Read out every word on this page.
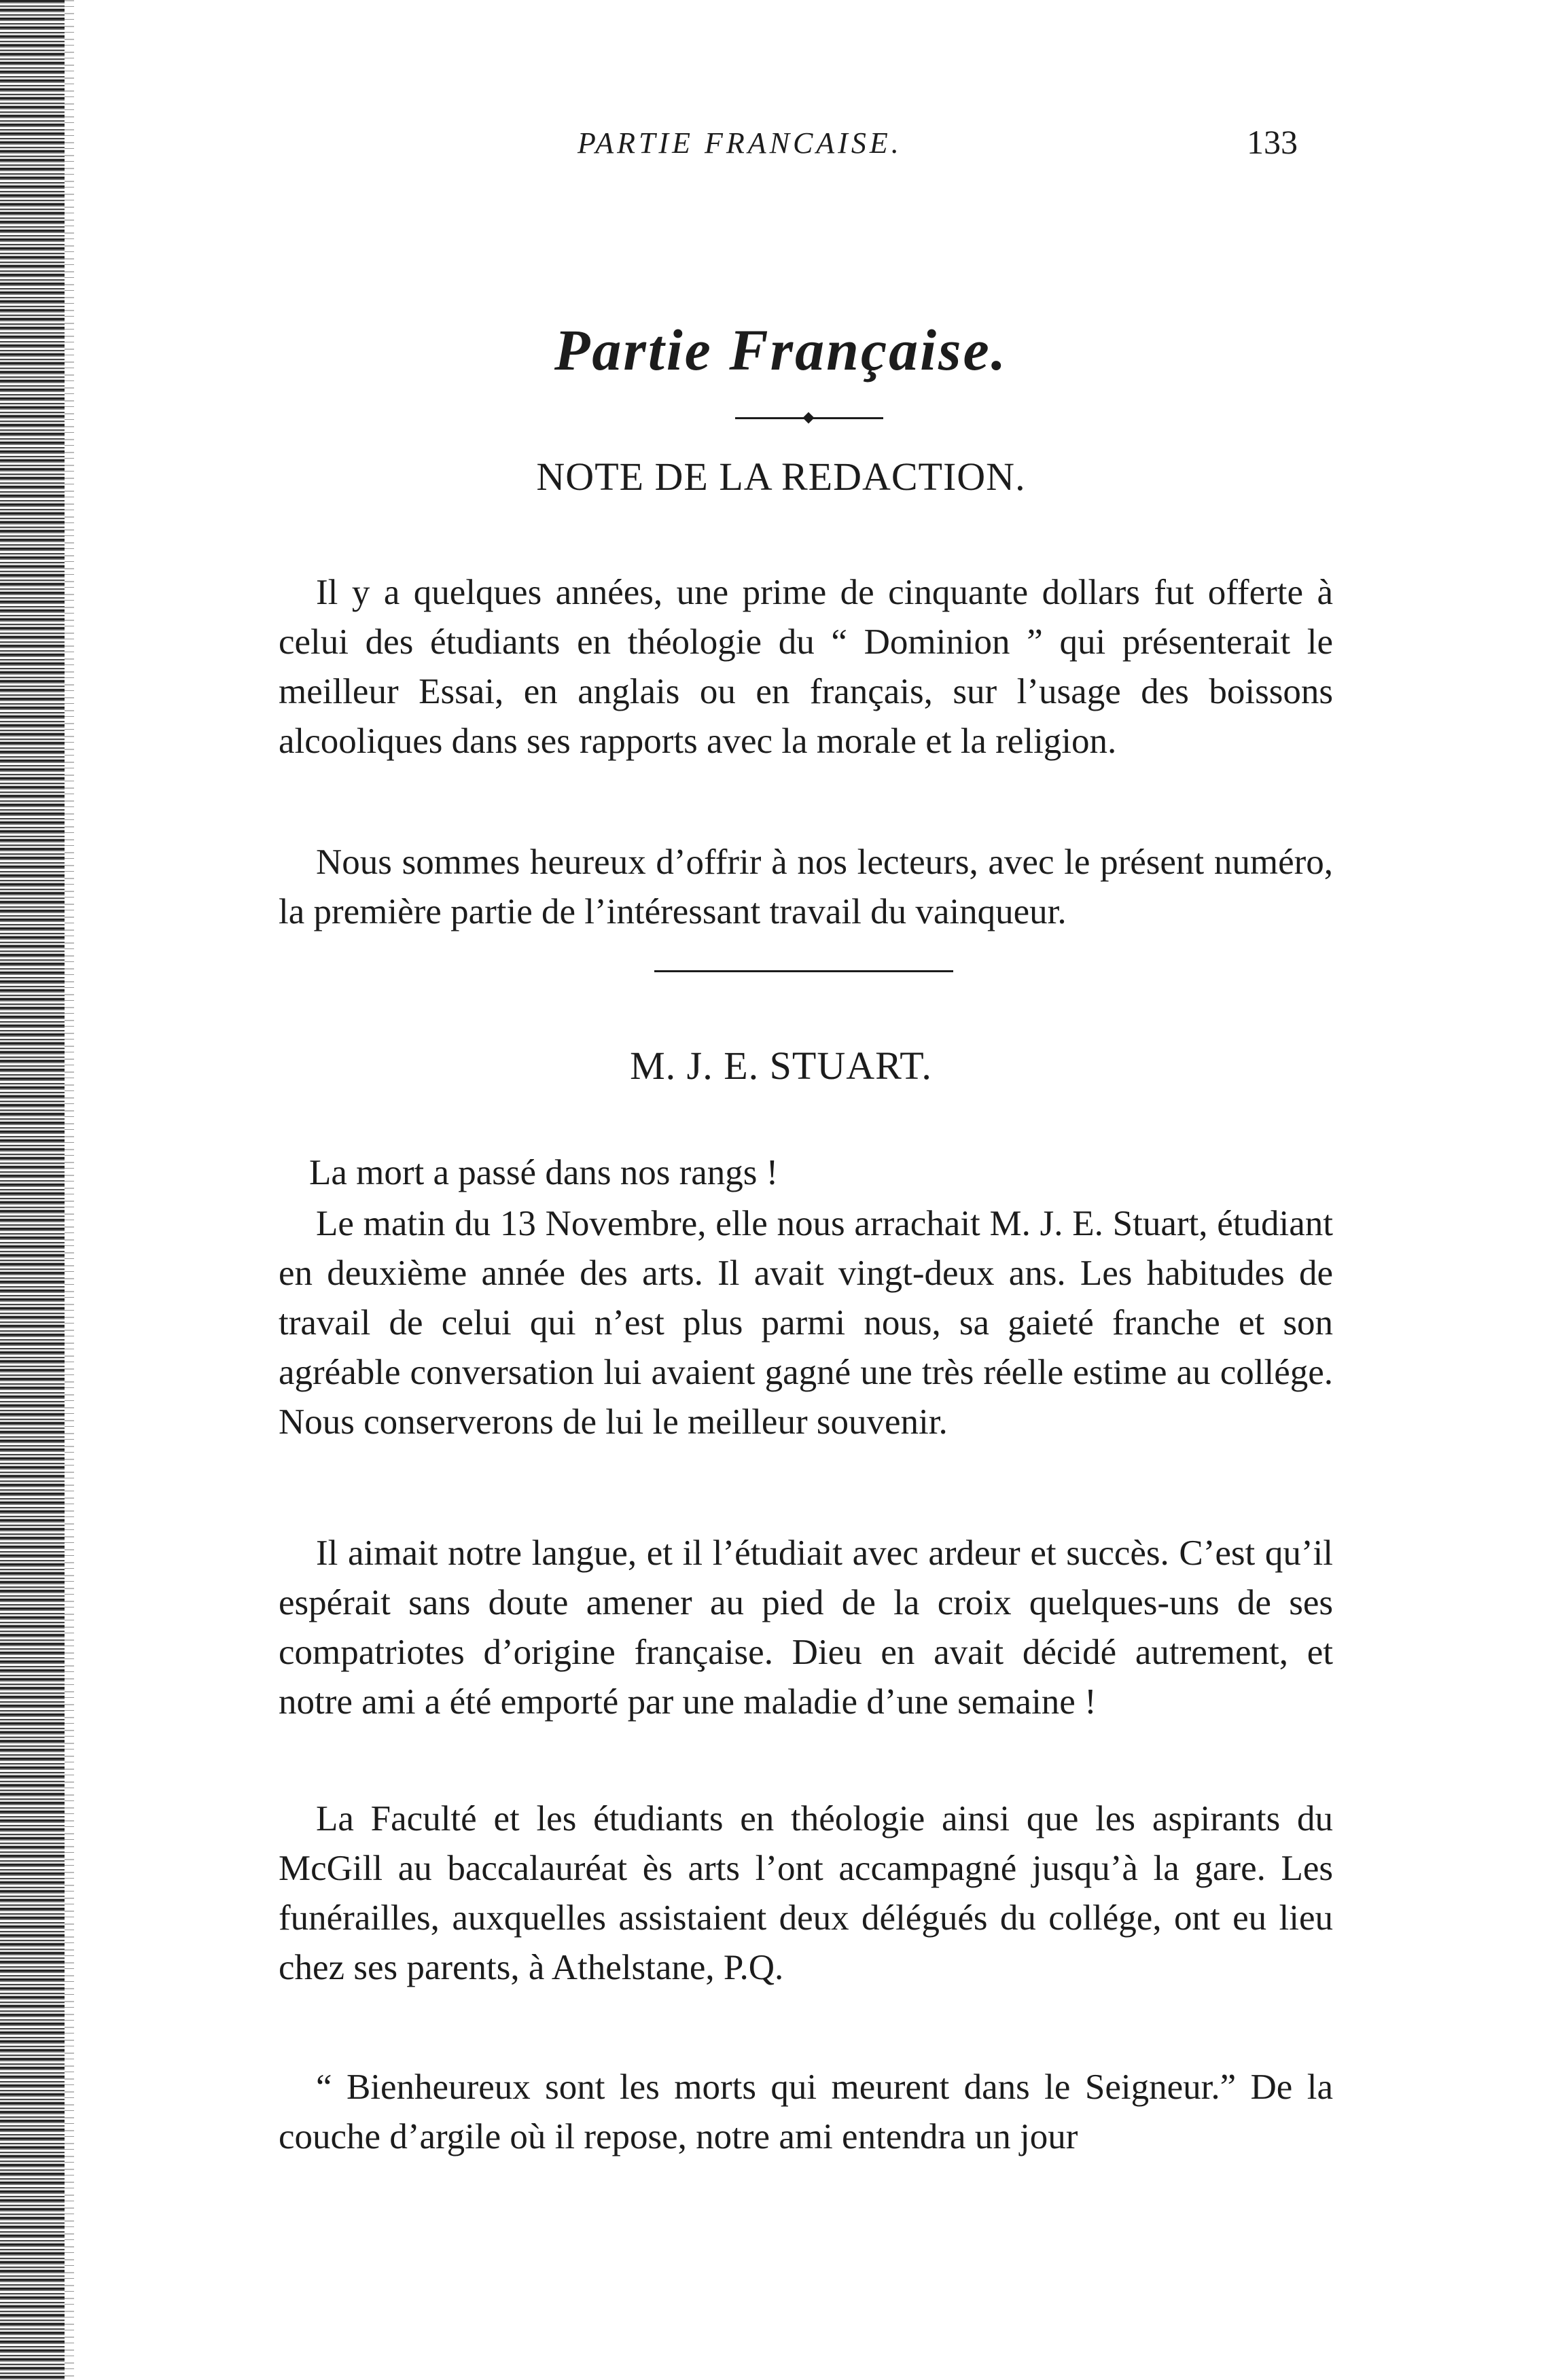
PARTIE FRANCAISE.	133
Partie Française.
NOTE DE LA REDACTION.

Il y a quelques années, une prime de cinquante dollars fut offerte à celui des étudiants en théologie du “ Dominion ” qui présenterait le meilleur Essai, en anglais ou en français, sur l’usage des boissons alcooliques dans ses rapports avec la morale et la religion.

Nous sommes heureux d’offrir à nos lecteurs, avec le présent numéro, la première partie de l’intéressant travail du vainqueur.

M. J. E. STUART.

La mort a passé dans nos rangs !

Le matin du 13 Novembre, elle nous arrachait M. J. E. Stuart, étudiant en deuxième année des arts. Il avait vingt-deux ans. Les habitudes de travail de celui qui n’est plus parmi nous, sa gaieté franche et son agréable conversation lui avaient gagné une très réelle estime au collége. Nous conserverons de lui le meilleur souvenir.

Il aimait notre langue, et il l’étudiait avec ardeur et succès. C’est qu’il espérait sans doute amener au pied de la croix quelques-uns de ses compatriotes d’origine française. Dieu en avait décidé autrement, et notre ami a été emporté par une maladie d’une semaine !

La Faculté et les étudiants en théologie ainsi que les aspirants du McGill au baccalauréat ès arts l’ont accampagné jusqu’à la gare. Les funérailles, auxquelles assistaient deux délégués du collége, ont eu lieu chez ses parents, à Athelstane, P.Q.

“ Bienheureux sont les morts qui meurent dans le Seigneur.” De la couche d’argile où il repose, notre ami entendra un jour
